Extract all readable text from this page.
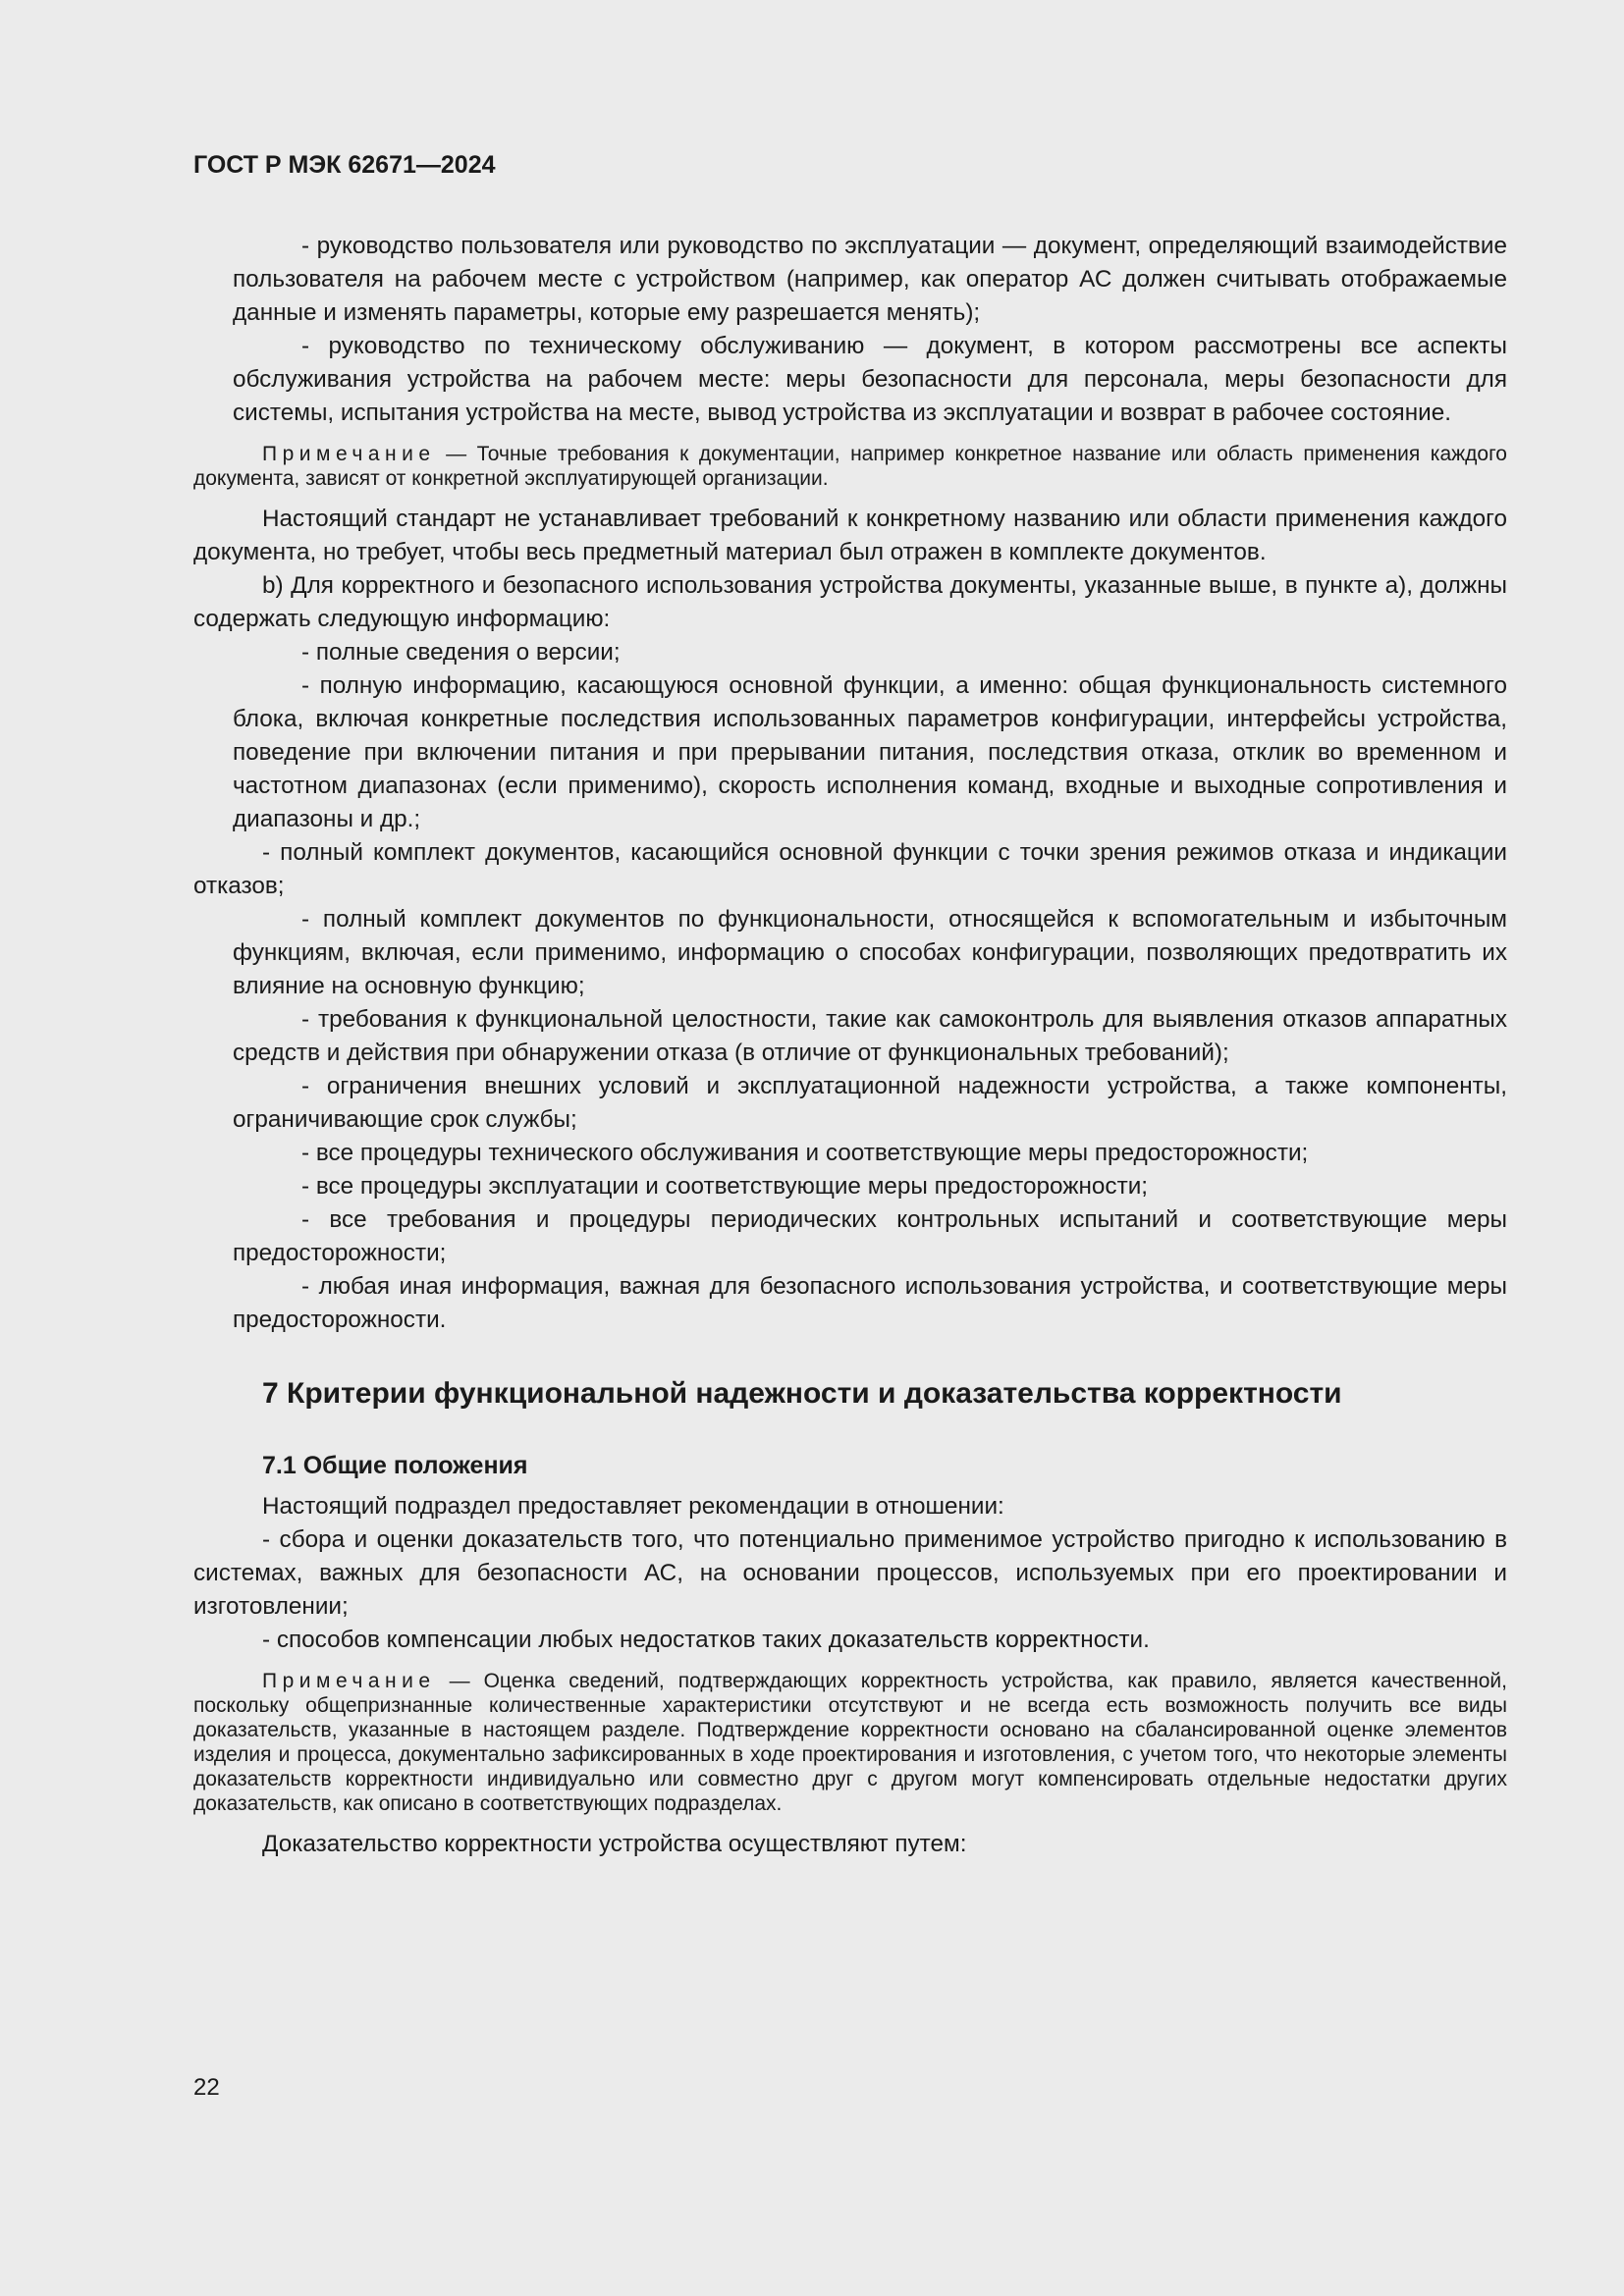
ГОСТ Р МЭК 62671—2024

- руководство пользователя или руководство по эксплуатации — документ, определяющий взаимодействие пользователя на рабочем месте с устройством (например, как оператор АС должен считывать отображаемые данные и изменять параметры, которые ему разрешается менять);

- руководство по техническому обслуживанию — документ, в котором рассмотрены все аспекты обслуживания устройства на рабочем месте: меры безопасности для персонала, меры безопасности для системы, испытания устройства на месте, вывод устройства из эксплуатации и возврат в рабочее состояние.

Примечание — Точные требования к документации, например конкретное название или область применения каждого документа, зависят от конкретной эксплуатирующей организации.

Настоящий стандарт не устанавливает требований к конкретному названию или области применения каждого документа, но требует, чтобы весь предметный материал был отражен в комплекте документов.

b) Для корректного и безопасного использования устройства документы, указанные выше, в пункте а), должны содержать следующую информацию:

- полные сведения о версии;

- полную информацию, касающуюся основной функции, а именно: общая функциональность системного блока, включая конкретные последствия использованных параметров конфигурации, интерфейсы устройства, поведение при включении питания и при прерывании питания, последствия отказа, отклик во временном и частотном диапазонах (если применимо), скорость исполнения команд, входные и выходные сопротивления и диапазоны и др.;

- полный комплект документов, касающийся основной функции с точки зрения режимов отказа и индикации отказов;

- полный комплект документов по функциональности, относящейся к вспомогательным и избыточным функциям, включая, если применимо, информацию о способах конфигурации, позволяющих предотвратить их влияние на основную функцию;

- требования к функциональной целостности, такие как самоконтроль для выявления отказов аппаратных средств и действия при обнаружении отказа (в отличие от функциональных требований);

- ограничения внешних условий и эксплуатационной надежности устройства, а также компоненты, ограничивающие срок службы;

- все процедуры технического обслуживания и соответствующие меры предосторожности;

- все процедуры эксплуатации и соответствующие меры предосторожности;

- все требования и процедуры периодических контрольных испытаний и соответствующие меры предосторожности;

- любая иная информация, важная для безопасного использования устройства, и соответствующие меры предосторожности.

7 Критерии функциональной надежности и доказательства корректности
7.1 Общие положения

Настоящий подраздел предоставляет рекомендации в отношении:

- сбора и оценки доказательств того, что потенциально применимое устройство пригодно к использованию в системах, важных для безопасности АС, на основании процессов, используемых при его проектировании и изготовлении;

- способов компенсации любых недостатков таких доказательств корректности.

Примечание — Оценка сведений, подтверждающих корректность устройства, как правило, является качественной, поскольку общепризнанные количественные характеристики отсутствуют и не всегда есть возможность получить все виды доказательств, указанные в настоящем разделе. Подтверждение корректности основано на сбалансированной оценке элементов изделия и процесса, документально зафиксированных в ходе проектирования и изготовления, с учетом того, что некоторые элементы доказательств корректности индивидуально или совместно друг с другом могут компенсировать отдельные недостатки других доказательств, как описано в соответствующих подразделах.

Доказательство корректности устройства осуществляют путем:

22
